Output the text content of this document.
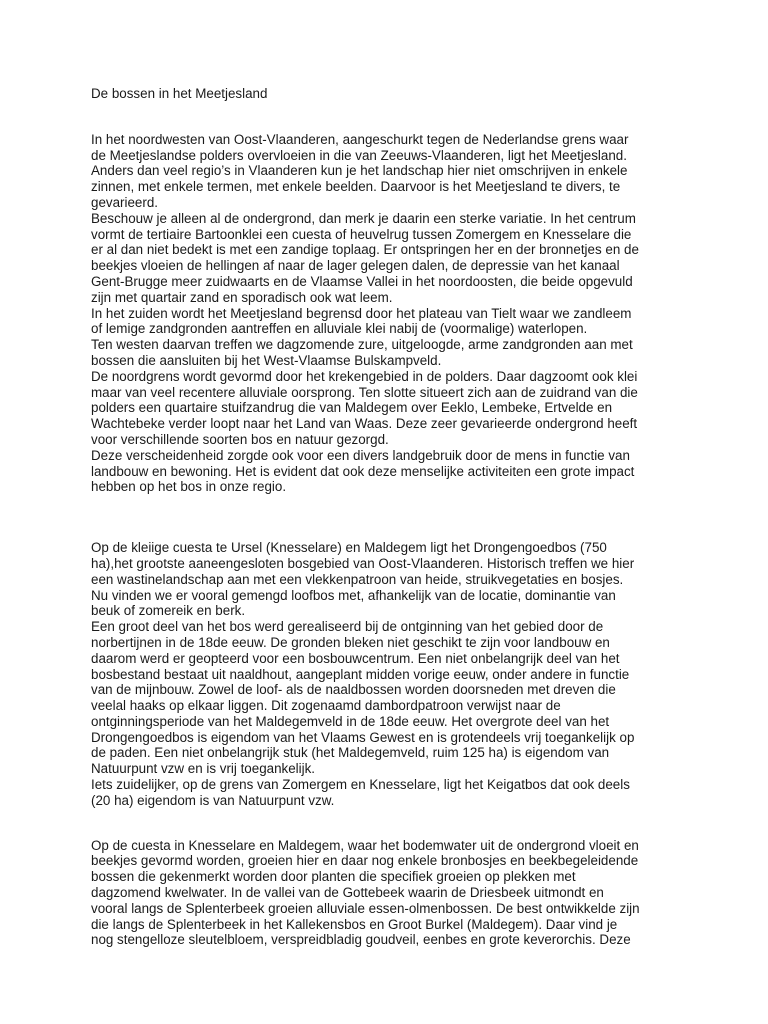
De bossen in het Meetjesland

In het noordwesten van Oost-Vlaanderen, aangeschurkt tegen de Nederlandse grens waar
de Meetjeslandse polders overvloeien in die van Zeeuws-Vlaanderen, ligt het Meetjesland.
Anders dan veel regio’s in Vlaanderen kun je het landschap hier niet omschrijven in enkele
zinnen, met enkele termen, met enkele beelden. Daarvoor is het Meetjesland te divers, te
gevarieerd.
Beschouw je alleen al de ondergrond, dan merk je daarin een sterke variatie. In het centrum
vormt de tertiaire Bartoonklei een cuesta of heuvelrug tussen Zomergem en Knesselare die
er al dan niet bedekt is met een zandige toplaag. Er ontspringen her en der bronnetjes en de
beekjes vloeien de hellingen af naar de lager gelegen dalen, de depressie van het kanaal
Gent-Brugge meer zuidwaarts en de Vlaamse Vallei in het noordoosten, die beide opgevuld
zijn met quartair zand en sporadisch ook wat leem.
In het zuiden wordt het Meetjesland begrensd door het plateau van Tielt waar we zandleem
of lemige zandgronden aantreffen en alluviale klei nabij de (voormalige) waterlopen.
Ten westen daarvan treffen we dagzomende zure, uitgeloogde, arme zandgronden aan met
bossen die aansluiten bij het West-Vlaamse Bulskampveld.
De noordgrens wordt gevormd door het krekengebied in de polders. Daar dagzoomt ook klei
maar van veel recentere alluviale oorsprong. Ten slotte situeert zich aan de zuidrand van die
polders een quartaire stuifzandrug die van Maldegem over Eeklo, Lembeke, Ertvelde en
Wachtebeke verder loopt naar het Land van Waas. Deze zeer gevarieerde ondergrond heeft
voor verschillende soorten bos en natuur gezorgd.
Deze verscheidenheid zorgde ook voor een divers landgebruik door de mens in functie van
landbouw en bewoning. Het is evident dat ook deze menselijke activiteiten een grote impact
hebben op het bos in onze regio.
Op de kleiige cuesta te Ursel (Knesselare) en Maldegem ligt het Drongengoedbos (750
ha),het grootste aaneengesloten bosgebied van Oost-Vlaanderen. Historisch treffen we hier
een wastinelandschap aan met een vlekkenpatroon van heide, struikvegetaties en bosjes.
Nu vinden we er vooral gemengd loofbos met, afhankelijk van de locatie, dominantie van
beuk of zomereik en berk.
Een groot deel van het bos werd gerealiseerd bij de ontginning van het gebied door de
norbertijnen in de 18de eeuw. De gronden bleken niet geschikt te zijn voor landbouw en
daarom werd er geopteerd voor een bosbouwcentrum. Een niet onbelangrijk deel van het
bosbestand bestaat uit naaldhout, aangeplant midden vorige eeuw, onder andere in functie
van de mijnbouw. Zowel de loof- als de naaldbossen worden doorsneden met dreven die
veelal haaks op elkaar liggen. Dit zogenaamd dambordpatroon verwijst naar de
ontginningsperiode van het Maldegemveld in de 18de eeuw. Het overgrote deel van het
Drongengoedbos is eigendom van het Vlaams Gewest en is grotendeels vrij toegankelijk op
de paden. Een niet onbelangrijk stuk (het Maldegemveld, ruim 125 ha) is eigendom van
Natuurpunt vzw en is vrij toegankelijk.
Iets zuidelijker, op de grens van Zomergem en Knesselare, ligt het Keigatbos dat ook deels
(20 ha) eigendom is van Natuurpunt vzw.
Op de cuesta in Knesselare en Maldegem, waar het bodemwater uit de ondergrond vloeit en
beekjes gevormd worden, groeien hier en daar nog enkele bronbosjes en beekbegeleidende
bossen die gekenmerkt worden door planten die specifiek groeien op plekken met
dagzomend kwelwater. In de vallei van de Gottebeek waarin de Driesbeek uitmondt en
vooral langs de Splenterbeek groeien alluviale essen-olmenbossen. De best ontwikkelde zijn
die langs de Splenterbeek in het Kallekensbos en Groot Burkel (Maldegem). Daar vind je
nog stengelloze sleutelbloem, verspreidbladig goudveil, eenbes en grote keverorchis. Deze
